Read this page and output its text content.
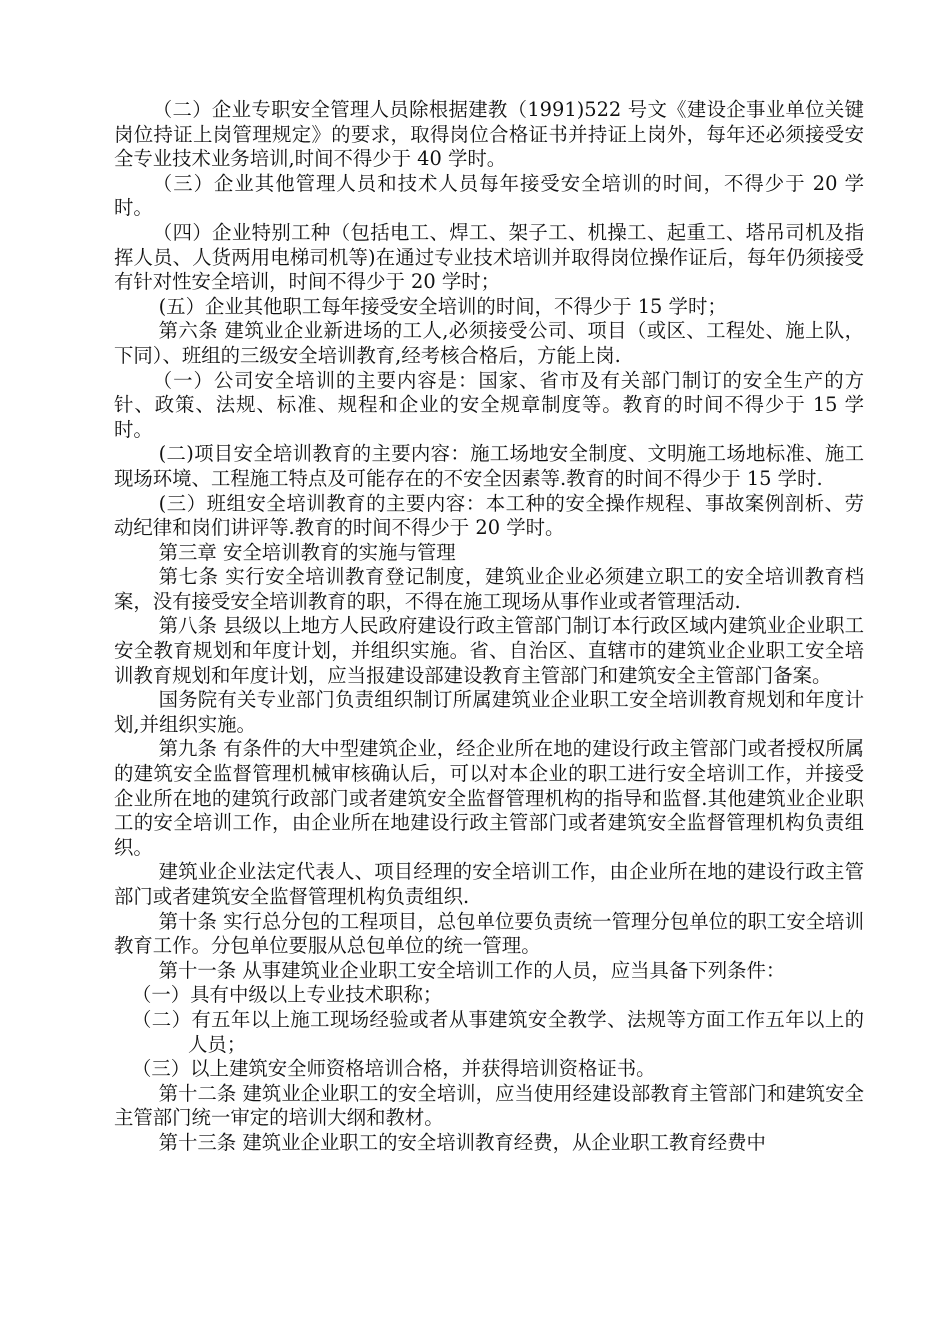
（二）企业专职安全管理人员除根据建教（1991)522 号文《建设企事业单位关键岗位持证上岗管理规定》的要求，取得岗位合格证书并持证上岗外，每年还必须接受安全专业技术业务培训,时间不得少于 40 学时。

（三）企业其他管理人员和技术人员每年接受安全培训的时间，不得少于 20 学时。

（四）企业特别工种（包括电工、焊工、架子工、机操工、起重工、塔吊司机及指挥人员、人货两用电梯司机等)在通过专业技术培训并取得岗位操作证后，每年仍须接受有针对性安全培训，时间不得少于 20 学时；

(五）企业其他职工每年接受安全培训的时间，不得少于 15 学时；

第六条 建筑业企业新进场的工人,必须接受公司、项目（或区、工程处、施上队，下同）、班组的三级安全培训教育,经考核合格后，方能上岗.

（一）公司安全培训的主要内容是：国家、省市及有关部门制订的安全生产的方针、政策、法规、标准、规程和企业的安全规章制度等。教育的时间不得少于 15 学时。

(二)项目安全培训教育的主要内容：施工场地安全制度、文明施工场地标准、施工现场环境、工程施工特点及可能存在的不安全因素等.教育的时间不得少于 15 学时.

(三）班组安全培训教育的主要内容：本工种的安全操作规程、事故案例剖析、劳动纪律和岗们讲评等.教育的时间不得少于 20 学时。

第三章 安全培训教育的实施与管理

第七条 实行安全培训教育登记制度，建筑业企业必须建立职工的安全培训教育档案，没有接受安全培训教育的职，不得在施工现场从事作业或者管理活动.

第八条 县级以上地方人民政府建设行政主管部门制订本行政区域内建筑业企业职工安全教育规划和年度计划，并组织实施。省、自治区、直辖市的建筑业企业职工安全培训教育规划和年度计划，应当报建设部建设教育主管部门和建筑安全主管部门备案。

国务院有关专业部门负责组织制订所属建筑业企业职工安全培训教育规划和年度计划,并组织实施。

第九条 有条件的大中型建筑企业，经企业所在地的建设行政主管部门或者授权所属的建筑安全监督管理机械审核确认后，可以对本企业的职工进行安全培训工作，并接受企业所在地的建筑行政部门或者建筑安全监督管理机构的指导和监督.其他建筑业企业职工的安全培训工作，由企业所在地建设行政主管部门或者建筑安全监督管理机构负责组织。

建筑业企业法定代表人、项目经理的安全培训工作，由企业所在地的建设行政主管部门或者建筑安全监督管理机构负责组织.

第十条 实行总分包的工程项目，总包单位要负责统一管理分包单位的职工安全培训教育工作。分包单位要服从总包单位的统一管理。

第十一条 从事建筑业企业职工安全培训工作的人员，应当具备下列条件：

（一）具有中级以上专业技术职称；

（二）有五年以上施工现场经验或者从事建筑安全教学、法规等方面工作五年以上的人员；

（三）以上建筑安全师资格培训合格，并获得培训资格证书。

第十二条 建筑业企业职工的安全培训，应当使用经建设部教育主管部门和建筑安全主管部门统一审定的培训大纲和教材。

第十三条 建筑业企业职工的安全培训教育经费，从企业职工教育经费中
